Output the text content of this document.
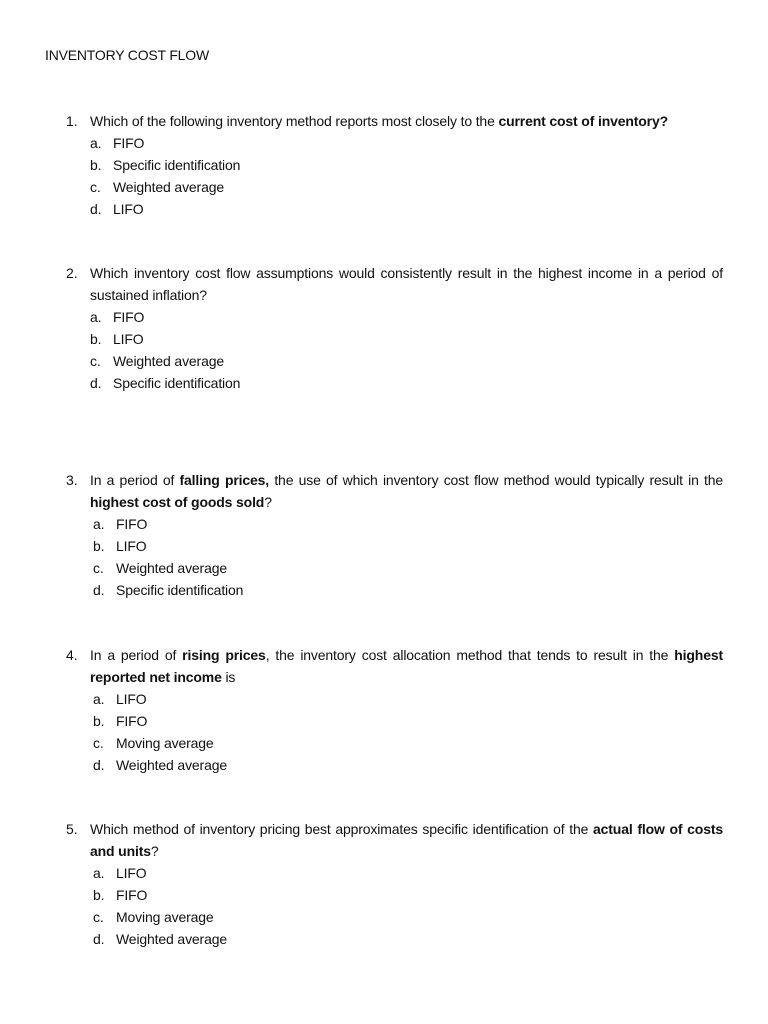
INVENTORY COST FLOW
1. Which of the following inventory method reports most closely to the current cost of inventory?
a. FIFO
b. Specific identification
c. Weighted average
d. LIFO
2. Which inventory cost flow assumptions would consistently result in the highest income in a period of sustained inflation?
a. FIFO
b. LIFO
c. Weighted average
d. Specific identification
3. In a period of falling prices, the use of which inventory cost flow method would typically result in the highest cost of goods sold?
a. FIFO
b. LIFO
c. Weighted average
d. Specific identification
4. In a period of rising prices, the inventory cost allocation method that tends to result in the highest reported net income is
a. LIFO
b. FIFO
c. Moving average
d. Weighted average
5. Which method of inventory pricing best approximates specific identification of the actual flow of costs and units?
a. LIFO
b. FIFO
c. Moving average
d. Weighted average
